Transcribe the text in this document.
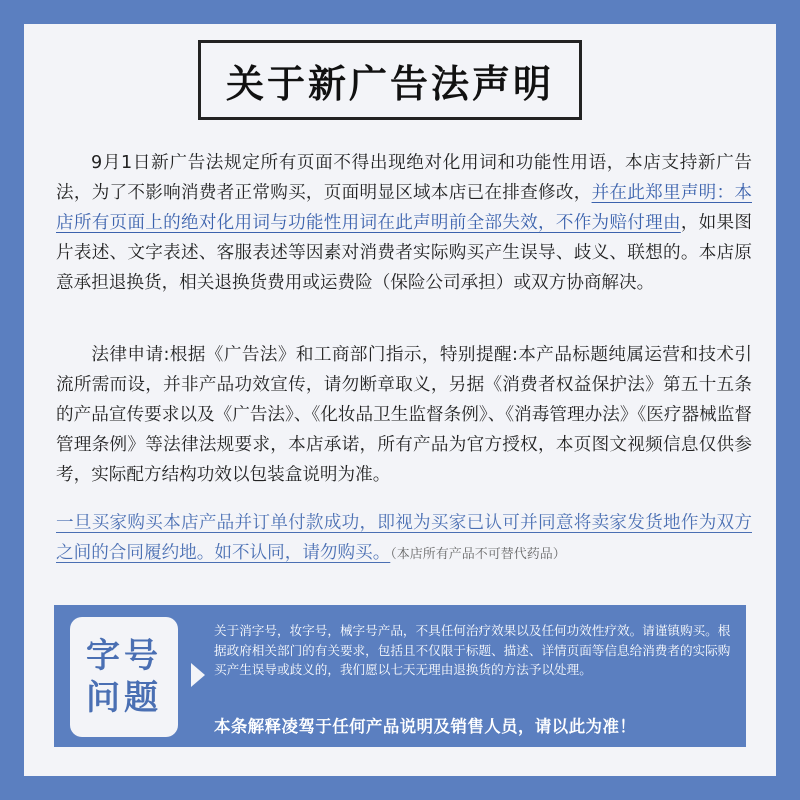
关于新广告法声明
9月1日新广告法规定所有页面不得出现绝对化用词和功能性用语，本店支持新广告法，为了不影响消费者正常购买，页面明显区域本店已在排查修改，并在此郑里声明：本店所有页面上的绝对化用词与功能性用词在此声明前全部失效，不作为赔付理由，如果图片表述、文字表述、客服表述等因素对消费者实际购买产生误导、歧义、联想的。本店原意承担退换货，相关退换货费用或运费险（保险公司承担）或双方协商解决。
法律申请:根据《广告法》和工商部门指示，特别提醒:本产品标题纯属运营和技术引流所需而设，并非产品功效宣传，请勿断章取义，另据《消费者权益保护法》第五十五条的产品宣传要求以及《广告法》、《化妆品卫生监督条例》、《消毒管理办法》《医疗器械监督管理条例》等法律法规要求，本店承诺，所有产品为官方授权，本页图文视频信息仅供参考，实际配方结构功效以包装盒说明为准。
一旦买家购买本店产品并订单付款成功，即视为买家已认可并同意将卖家发货地作为双方之间的合同履约地。如不认同，请勿购买。（本店所有产品不可替代药品）
字号
问题
关于消字号，妆字号，械字号产品，不具任何治疗效果以及任何功效性疗效。请谨镇购买。根据政府相关部门的有关要求，包括且不仅限于标题、描述、详情页面等信息给消费者的实际购买产生误导或歧义的，我们愿以七天无理由退换货的方法予以处理。
本条解释凌驾于任何产品说明及销售人员，请以此为准！
